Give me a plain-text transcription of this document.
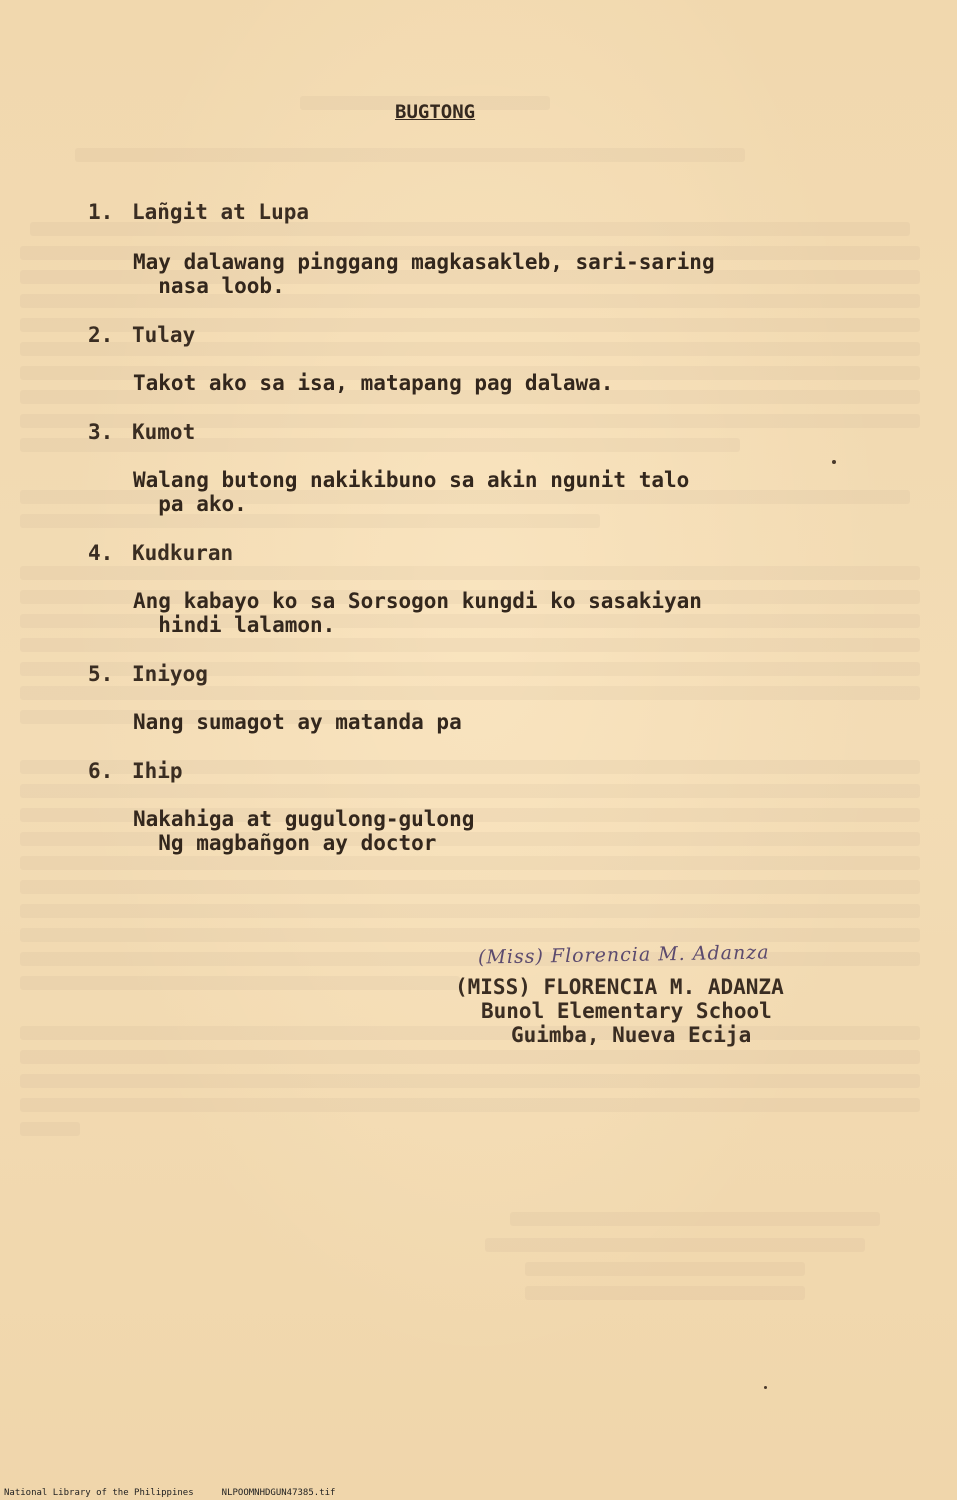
BUGTONG
1. Lañgit at Lupa
May dalawang pinggang magkasakleb, sari-saring
nasa loob.
2. Tulay
Takot ako sa isa, matapang pag dalawa.
3. Kumot
Walang butong nakikibuno sa akin ngunit talo
pa ako.
4. Kudkuran
Ang kabayo ko sa Sorsogon kungdi ko sasakiyan
hindi lalamon.
5. Iniyog
Nang sumagot ay matanda pa
6. Ihip
Nakahiga at gugulong-gulong
Ng magbañgon ay doctor
(Miss) Florencia M. Adanza
(MISS) FLORENCIA M. ADANZA
Bunol Elementary School
Guimba, Nueva Ecija
National Library of the Philippines	NLPOOMNHDGUN47385.tif
